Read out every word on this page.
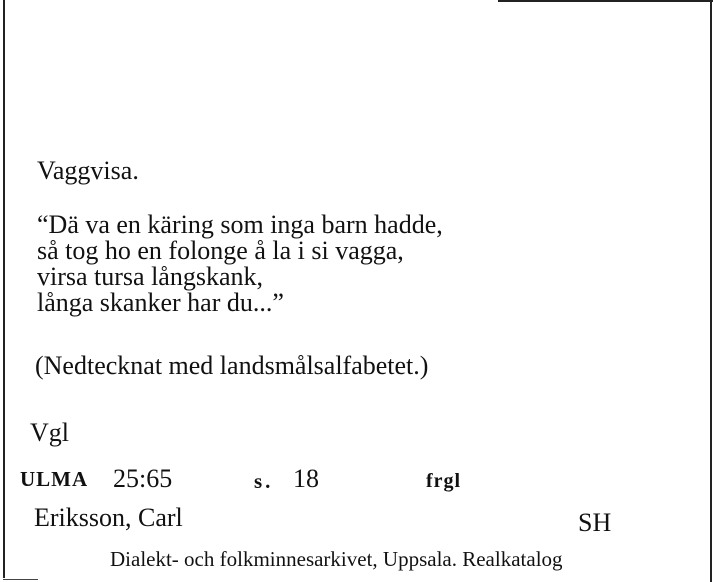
Vaggvisa.
“Dä va en käring som inga barn hadde,
så tog ho en folonge å la i si vagga,
virsa tursa långskank,
långa skanker har du...”
(Nedtecknat med landsmålsalfabetet.)
Vgl
ULMA 25:65	s. 18	frgl
Eriksson, Carl	SH
Dialekt- och folkminnesarkivet, Uppsala. Realkatalog
